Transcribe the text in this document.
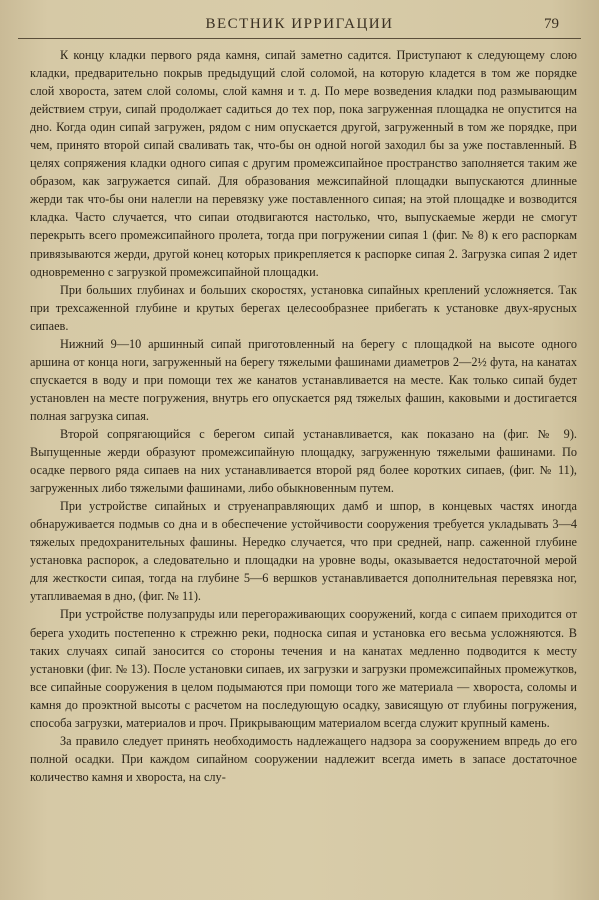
ВЕСТНИК ИРРИГАЦИИ	79

К концу кладки первого ряда камня, сипай заметно садится. Приступают к следующему слою кладки, предварительно покрыв предыдущий слой соломой, на которую кладется в том же порядке слой хвороста, затем слой соломы, слой камня и т. д. По мере возведения кладки под размывающим действием струи, сипай продолжает садиться до тех пор, пока загруженная площадка не опустится на дно. Когда один сипай загружен, рядом с ним опускается другой, загруженный в том же порядке, при чем, принято второй сипай сваливать так, что-бы он одной ногой заходил бы за уже поставленный. В целях сопряжения кладки одного сипая с другим промежсипайное пространство заполняется таким же образом, как загружается сипай. Для образования межсипайной площадки выпускаются длинные жерди так что-бы они налегли на перевязку уже поставленного сипая; на этой площадке и возводится кладка. Часто случается, что сипаи отодвигаются настолько, что, выпускаемые жерди не смогут перекрыть всего промежсипайного пролета, тогда при погружении сипая 1 (фиг. № 8) к его распоркам привязываются жерди, другой конец которых прикрепляется к распорке сипая 2. Загрузка сипая 2 идет одновременно с загрузкой промежсипайной площадки.

При больших глубинах и больших скоростях, установка сипайных креплений усложняется. Так при трехсаженной глубине и крутых берегах целесообразнее прибегать к установке двух-ярусных сипаев.

Нижний 9—10 аршинный сипай приготовленный на берегу с площадкой на высоте одного аршина от конца ноги, загруженный на берегу тяжелыми фашинами диаметров 2—2½ фута, на канатах спускается в воду и при помощи тех же канатов устанавливается на месте. Как только сипай будет установлен на месте погружения, внутрь его опускается ряд тяжелых фашин, каковыми и достигается полная загрузка сипая.

Второй сопрягающийся с берегом сипай устанавливается, как показано на (фиг. № 9). Выпущенные жерди образуют промежсипайную площадку, загруженную тяжелыми фашинами. По осадке первого ряда сипаев на них устанавливается второй ряд более коротких сипаев, (фиг. № 11), загруженных либо тяжелыми фашинами, либо обыкновенным путем.

При устройстве сипайных и струенаправляющих дамб и шпор, в концевых частях иногда обнаруживается подмыв со дна и в обеспечение устойчивости сооружения требуется укладывать 3—4 тяжелых предохранительных фашины. Нередко случается, что при средней, напр. саженной глубине установка распорок, а следовательно и площадки на уровне воды, оказывается недостаточной мерой для жесткости сипая, тогда на глубине 5—6 вершков устанавливается дополнительная перевязка ног, утапливаемая в дно, (фиг. № 11).

При устройстве полузапруды или перегораживающих сооружений, когда с сипаем приходится от берега уходить постепенно к стрежню реки, подноска сипая и установка его весьма усложняются. В таких случаях сипай заносится со стороны течения и на канатах медленно подводится к месту установки (фиг. № 13). После установки сипаев, их загрузки и загрузки промежсипайных промежутков, все сипайные сооружения в целом подымаются при помощи того же материала — хвороста, соломы и камня до проэктной высоты с расчетом на последующую осадку, зависящую от глубины погружения, способа загрузки, материалов и проч. Прикрывающим материалом всегда служит крупный камень.

За правило следует принять необходимость надлежащего надзора за сооружением впредь до его полной осадки. При каждом сипайном сооружении надлежит всегда иметь в запасе достаточное количество камня и хворостa, на слу-
